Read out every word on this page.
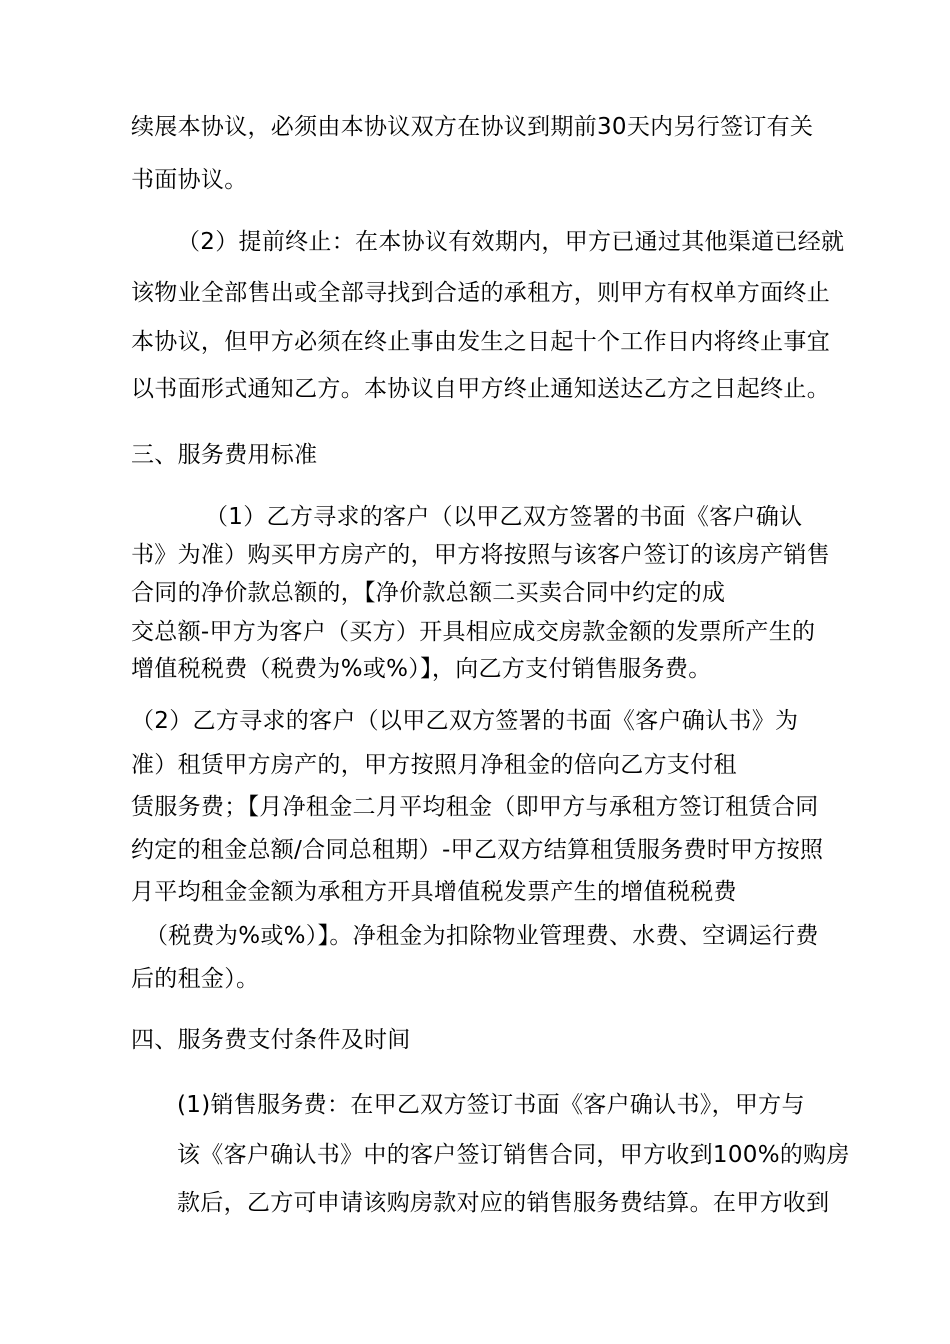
续展本协议，必须由本协议双方在协议到期前30天内另行签订有关
书面协议。
（2）提前终止：在本协议有效期内，甲方已通过其他渠道已经就
该物业全部售出或全部寻找到合适的承租方，则甲方有权单方面终止
本协议，但甲方必须在终止事由发生之日起十个工作日内将终止事宜
以书面形式通知乙方。本协议自甲方终止通知送达乙方之日起终止。
三、服务费用标准
（1）乙方寻求的客户（以甲乙双方签署的书面《客户确认
书》为准）购买甲方房产的，甲方将按照与该客户签订的该房产销售
合同的净价款总额的，【净价款总额二买卖合同中约定的成
交总额-甲方为客户（买方）开具相应成交房款金额的发票所产生的
增值税税费（税费为%或%）】，向乙方支付销售服务费。
（2）乙方寻求的客户（以甲乙双方签署的书面《客户确认书》为
准）租赁甲方房产的，甲方按照月净租金的倍向乙方支付租
赁服务费；【月净租金二月平均租金（即甲方与承租方签订租赁合同
约定的租金总额/合同总租期）-甲乙双方结算租赁服务费时甲方按照
月平均租金金额为承租方开具增值税发票产生的增值税税费
（税费为%或%）】。净租金为扣除物业管理费、水费、空调运行费
后的租金）。
四、服务费支付条件及时间
(1)销售服务费：在甲乙双方签订书面《客户确认书》，甲方与
该《客户确认书》中的客户签订销售合同，甲方收到100%的购房
款后，乙方可申请该购房款对应的销售服务费结算。在甲方收到
